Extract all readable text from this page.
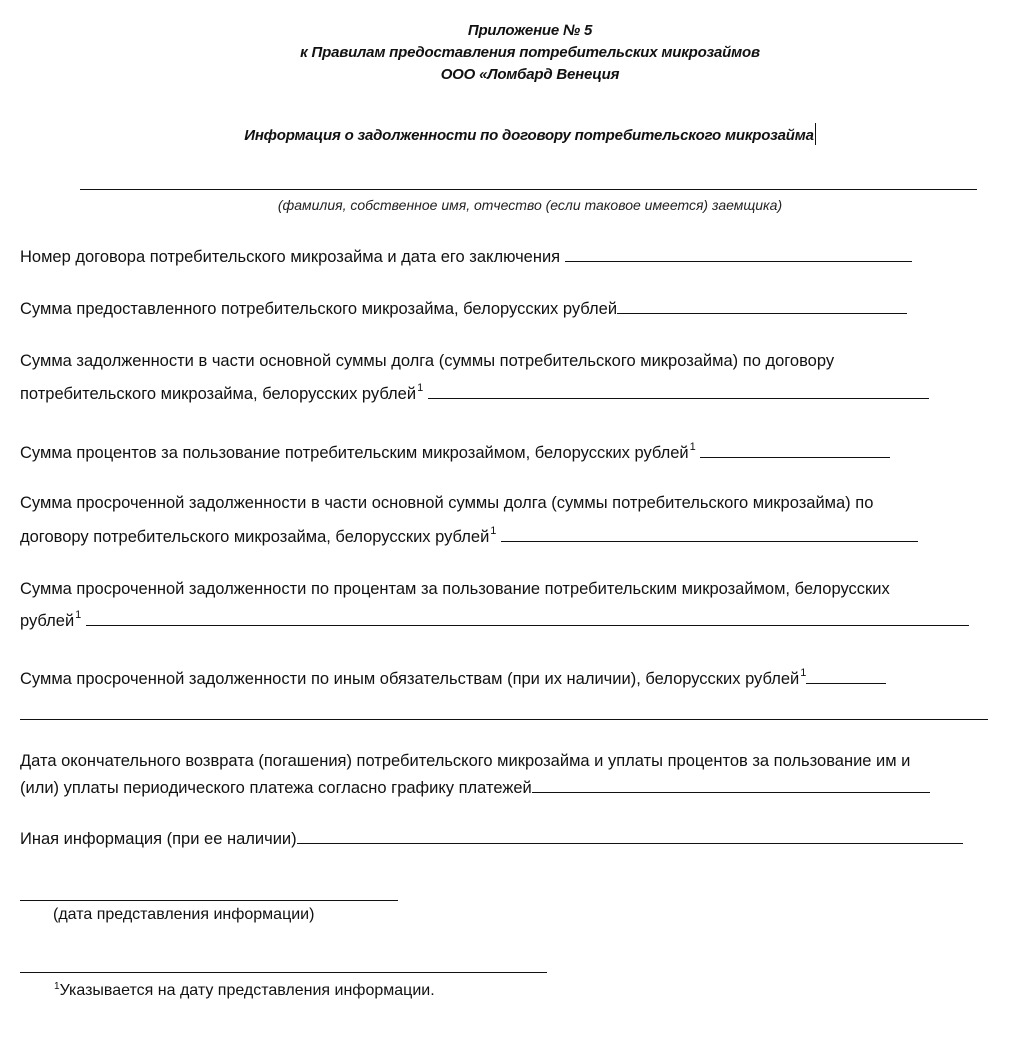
Приложение № 5
к Правилам предоставления потребительских микрозаймов
ООО «Ломбард Венеция
Информация о задолженности по договору потребительского микрозайма
(фамилия, собственное имя, отчество (если таковое имеется) заемщика)
Номер договора потребительского микрозайма и дата его заключения
Сумма предоставленного потребительского микрозайма, белорусских рублей
Сумма задолженности в части основной суммы долга (суммы потребительского микрозайма) по договору
потребительского микрозайма, белорусских рублей$^1$
Сумма процентов за пользование потребительским микрозаймом, белорусских рублей$^1$
Сумма просроченной задолженности в части основной суммы долга (суммы потребительского микрозайма) по
договору потребительского микрозайма, белорусских рублей$^1$
Сумма просроченной задолженности по процентам за пользование потребительским микрозаймом, белорусских
рублей$^1$
Сумма просроченной задолженности по иным обязательствам (при их наличии), белорусских рублей$^1$
Дата окончательного возврата (погашения) потребительского микрозайма и уплаты процентов за пользование им и
(или) уплаты периодического платежа согласно графику платежей
Иная информация (при ее наличии)
(дата представления информации)
$^1$Указывается на дату представления информации.
